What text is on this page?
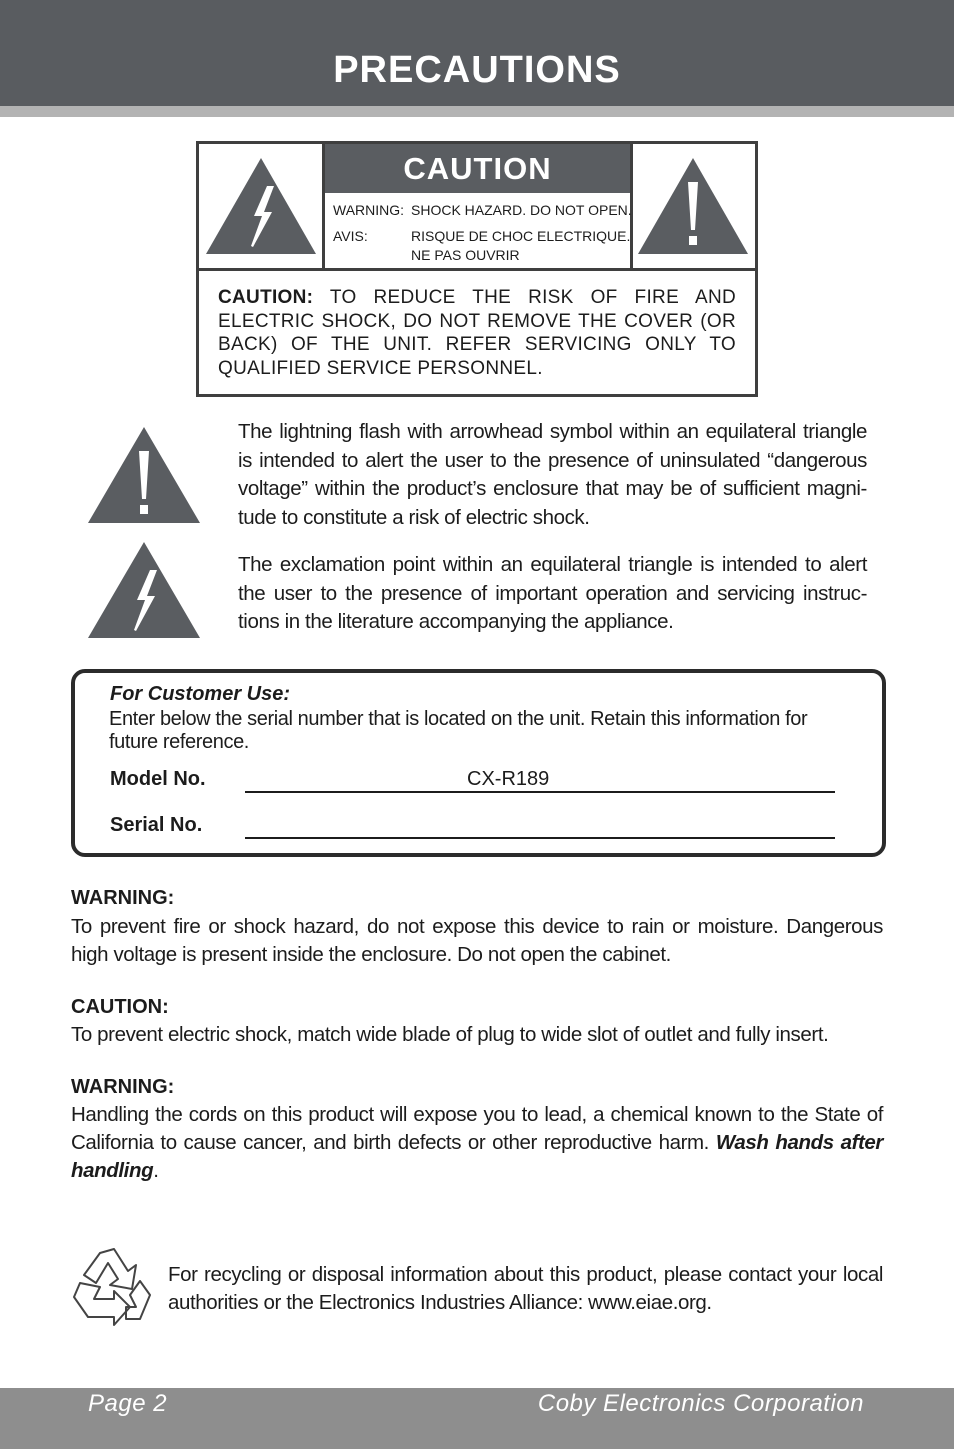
PRECAUTIONS
CAUTION
WARNING: SHOCK HAZARD. DO NOT OPEN.
AVIS:	RISQUE DE CHOC ELECTRIQUE.
NE PAS OUVRIR
CAUTION: TO REDUCE THE RISK OF FIRE AND ELECTRIC SHOCK, DO NOT REMOVE THE COVER (OR BACK) OF THE UNIT. REFER SERVICING ONLY TO QUALIFIED SERVICE PERSONNEL.
The lightning flash with arrowhead symbol within an equilateral triangle is intended to alert the user to the presence of uninsulated “dangerous voltage” within the product’s enclosure that may be of sufficient magni-tude to constitute a risk of electric shock.
The exclamation point within an equilateral triangle is intended to alert the user to the presence of important operation and servicing instruc-tions in the literature accompanying the appliance.
For Customer Use:
Enter below the serial number that is located on the unit. Retain this information for future reference.
Model No.	CX-R189
Serial No.
WARNING:
To prevent fire or shock hazard, do not expose this device to rain or moisture. Dangerous high voltage is present inside the enclosure. Do not open the cabinet.
CAUTION:
To prevent electric shock, match wide blade of plug to wide slot of outlet and fully insert.
WARNING:
Handling the cords on this product will expose you to lead, a chemical known to the State of California to cause cancer, and birth defects or other reproductive harm. Wash hands after handling.
For recycling or disposal information about this product, please contact your local authorities or the Electronics Industries Alliance: www.eiae.org.
Page 2	Coby Electronics Corporation
